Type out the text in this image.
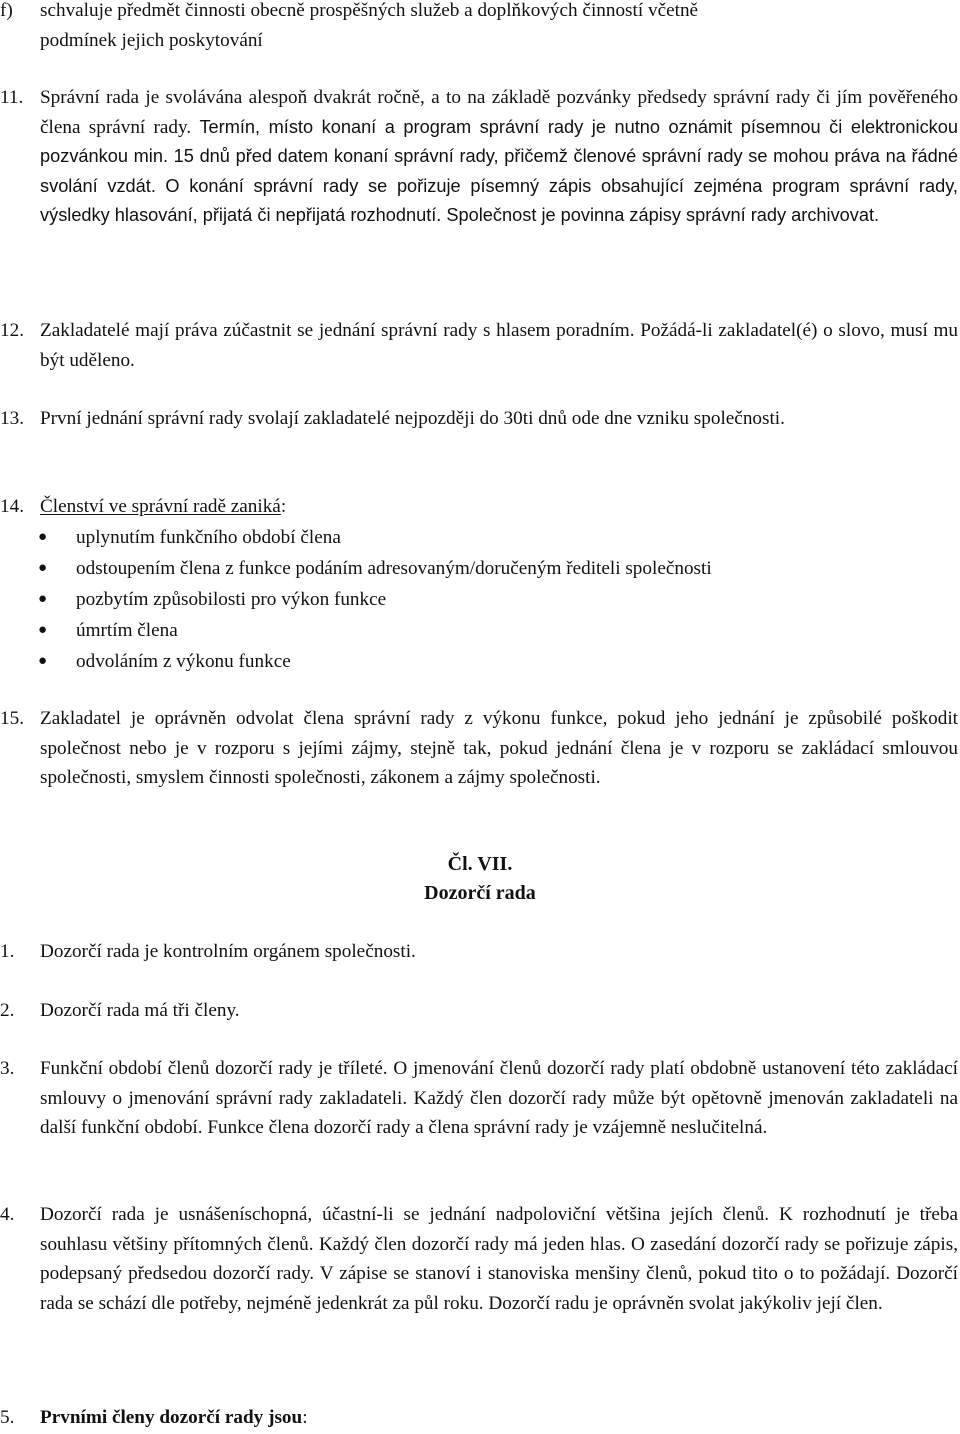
f)	schvaluje předmět činnosti obecně prospěšných služeb a doplňkových činností včetně
podmínek jejich poskytování
11. Správní rada je svolávána alespoň dvakrát ročně, a to na základě pozvánky předsedy správní rady či jím pověřeného člena správní rady. Termín, místo konaní a program správní rady je nutno oznámit písemnou či elektronickou pozvánkou min. 15 dnů před datem konaní správní rady, přičemž členové správní rady se mohou práva na řádné svolání vzdát. O konání správní rady se pořizuje písemný zápis obsahující zejména program správní rady, výsledky hlasování, přijatá či nepřijatá rozhodnutí. Společnost je povinna zápisy správní rady archivovat.
12. Zakladatelé mají práva zúčastnit se jednání správní rady s hlasem poradním. Požádá-li zakladatel(é) o slovo, musí mu být uděleno.
13. První jednání správní rady svolají zakladatelé nejpozději do 30ti dnů ode dne vzniku společnosti.
14. Členství ve správní radě zaniká:
● uplynutím funkčního období člena
● odstoupením člena z funkce podáním adresovaným/doručeným řediteli společnosti
● pozbytím způsobilosti pro výkon funkce
● úmrtím člena
● odvoláním z výkonu funkce
15. Zakladatel je oprávněn odvolat člena správní rady z výkonu funkce, pokud jeho jednání je způsobilé poškodit společnost nebo je v rozporu s jejími zájmy, stejně tak, pokud jednání člena je v rozporu se zakládací smlouvou společnosti, smyslem činnosti společnosti, zákonem a zájmy společnosti.
Čl. VII.
Dozorčí rada
1.	Dozorčí rada je kontrolním orgánem společnosti.
2.	Dozorčí rada má tři členy.
3.	Funkční období členů dozorčí rady je tříleté. O jmenování členů dozorčí rady platí obdobně ustanovení této zakládací smlouvy o jmenování správní rady zakladateli. Každý člen dozorčí rady může být opětovně jmenován zakladateli na další funkční období. Funkce člena dozorčí rady a člena správní rady je vzájemně neslučitelná.
4.	Dozorčí rada je usnášeníschopná, účastní-li se jednání nadpoloviční většina jejích členů. K rozhodnutí je třeba souhlasu většiny přítomných členů. Každý člen dozorčí rady má jeden hlas. O zasedání dozorčí rady se pořizuje zápis, podepsaný předsedou dozorčí rady. V zápise se stanoví i stanoviska menšiny členů, pokud tito o to požádají. Dozorčí rada se schází dle potřeby, nejméně jedenkrát za půl roku. Dozorčí radu je oprávněn svolat jakýkoliv její člen.
5.	Prvními členy dozorčí rady jsou:
